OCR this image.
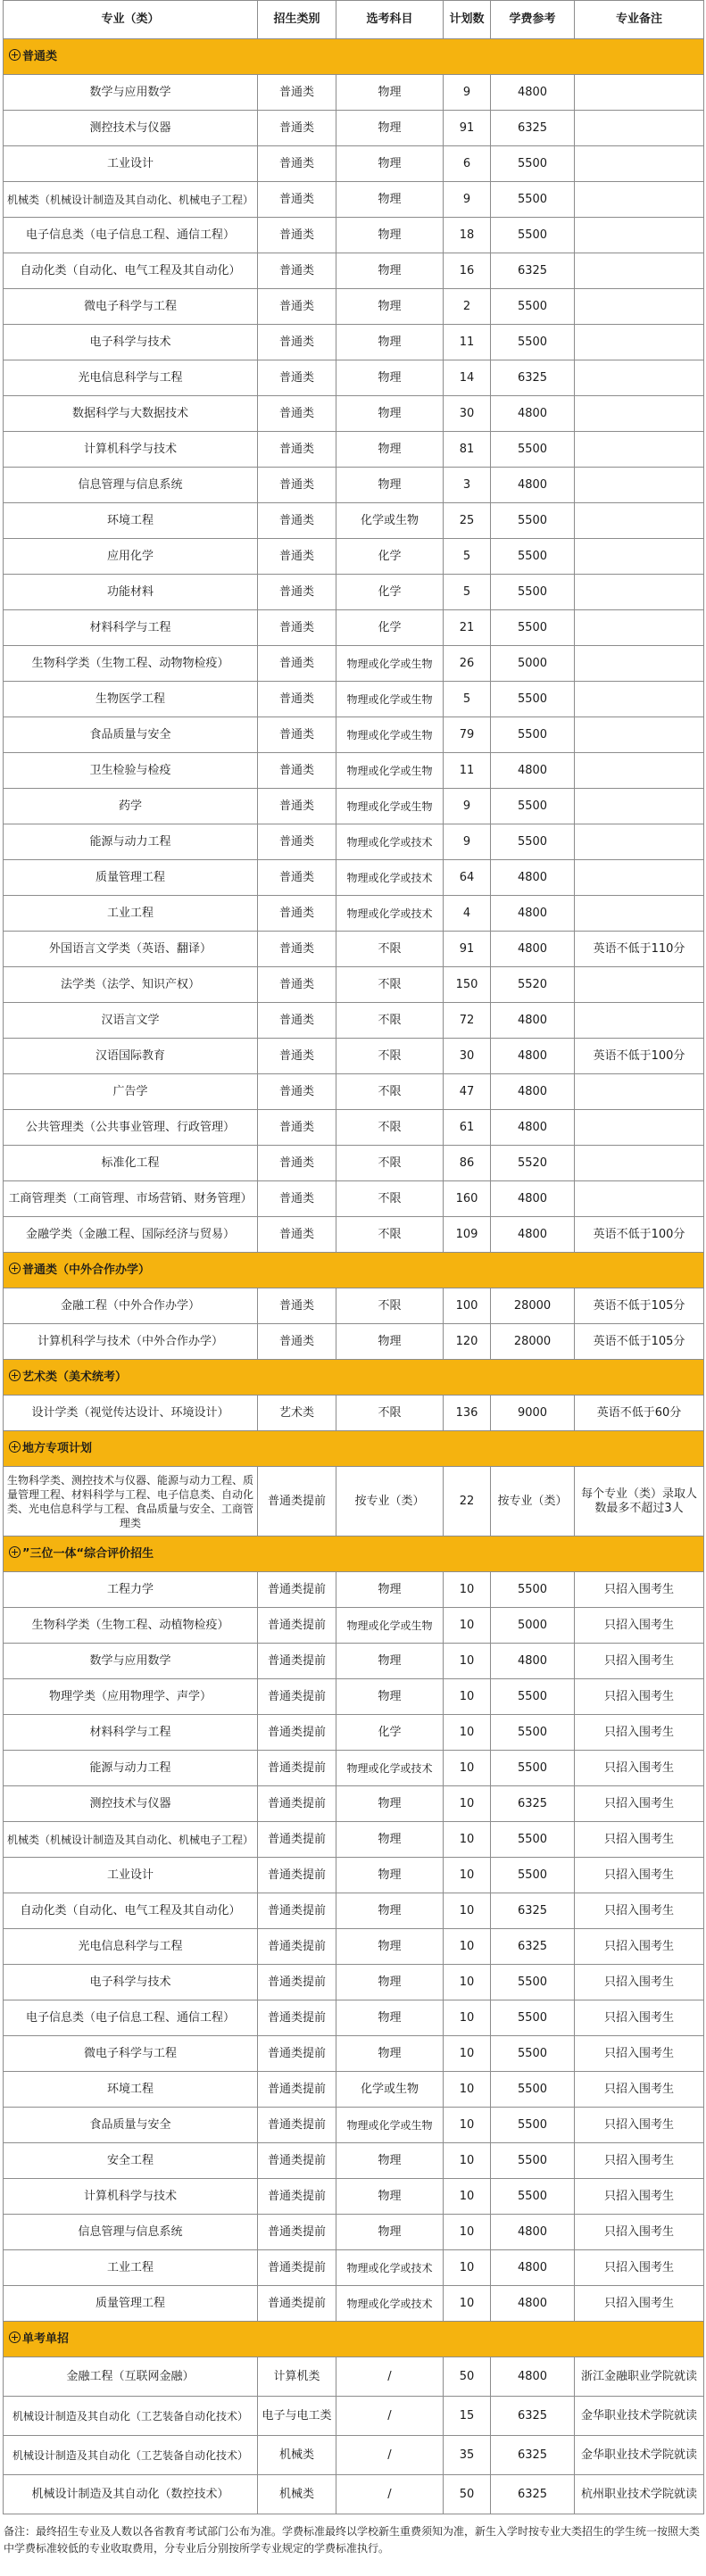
专业（类）	招生类别	选考科目	计划数	学费参考	专业备注
普通类					
数学与应用数学	普通类	物理	9	4800	
测控技术与仪器	普通类	物理	91	6325	
工业设计	普通类	物理	6	5500	
机械类（机械设计制造及其自动化、机械电子工程）	普通类	物理	9	5500	
电子信息类（电子信息工程、通信工程）	普通类	物理	18	5500	
自动化类（自动化、电气工程及其自动化）	普通类	物理	16	6325	
微电子科学与工程	普通类	物理	2	5500	
电子科学与技术	普通类	物理	11	5500	
光电信息科学与工程	普通类	物理	14	6325	
数据科学与大数据技术	普通类	物理	30	4800	
计算机科学与技术	普通类	物理	81	5500	
信息管理与信息系统	普通类	物理	3	4800	
环境工程	普通类	化学或生物	25	5500	
应用化学	普通类	化学	5	5500	
功能材料	普通类	化学	5	5500	
材料科学与工程	普通类	化学	21	5500	
生物科学类（生物工程、动物物检疫）	普通类	物理或化学或生物	26	5000	
生物医学工程	普通类	物理或化学或生物	5	5500	
食品质量与安全	普通类	物理或化学或生物	79	5500	
卫生检验与检疫	普通类	物理或化学或生物	11	4800	
药学	普通类	物理或化学或生物	9	5500	
能源与动力工程	普通类	物理或化学或技术	9	5500	
质量管理工程	普通类	物理或化学或技术	64	4800	
工业工程	普通类	物理或化学或技术	4	4800	
外国语言文学类（英语、翻译）	普通类	不限	91	4800	英语不低于110分
法学类（法学、知识产权）	普通类	不限	150	5520	
汉语言文学	普通类	不限	72	4800	
汉语国际教育	普通类	不限	30	4800	英语不低于100分
广告学	普通类	不限	47	4800	
公共管理类（公共事业管理、行政管理）	普通类	不限	61	4800	
标准化工程	普通类	不限	86	5520	
工商管理类（工商管理、市场营销、财务管理）	普通类	不限	160	4800	
金融学类（金融工程、国际经济与贸易）	普通类	不限	109	4800	英语不低于100分
普通类（中外合作办学）					
金融工程（中外合作办学）	普通类	不限	100	28000	英语不低于105分
计算机科学与技术（中外合作办学）	普通类	物理	120	28000	英语不低于105分
艺术类（美术统考）					
设计学类（视觉传达设计、环境设计）	艺术类	不限	136	9000	英语不低于60分
地方专项计划					
生物科学类、测控技术与仪器、能源与动力工程、质量管理工程、材料科学与工程、电子信息类、自动化类、光电信息科学与工程、食品质量与安全、工商管理类	普通类提前	按专业（类）	22	按专业（类）	每个专业（类）录取人数最多不超过3人
”三位一体“综合评价招生					
工程力学	普通类提前	物理	10	5500	只招入围考生
生物科学类（生物工程、动植物检疫）	普通类提前	物理或化学或生物	10	5000	只招入围考生
数学与应用数学	普通类提前	物理	10	4800	只招入围考生
物理学类（应用物理学、声学）	普通类提前	物理	10	5500	只招入围考生
材料科学与工程	普通类提前	化学	10	5500	只招入围考生
能源与动力工程	普通类提前	物理或化学或技术	10	5500	只招入围考生
测控技术与仪器	普通类提前	物理	10	6325	只招入围考生
机械类（机械设计制造及其自动化、机械电子工程）	普通类提前	物理	10	5500	只招入围考生
工业设计	普通类提前	物理	10	5500	只招入围考生
自动化类（自动化、电气工程及其自动化）	普通类提前	物理	10	6325	只招入围考生
光电信息科学与工程	普通类提前	物理	10	6325	只招入围考生
电子科学与技术	普通类提前	物理	10	5500	只招入围考生
电子信息类（电子信息工程、通信工程）	普通类提前	物理	10	5500	只招入围考生
微电子科学与工程	普通类提前	物理	10	5500	只招入围考生
环境工程	普通类提前	化学或生物	10	5500	只招入围考生
食品质量与安全	普通类提前	物理或化学或生物	10	5500	只招入围考生
安全工程	普通类提前	物理	10	5500	只招入围考生
计算机科学与技术	普通类提前	物理	10	5500	只招入围考生
信息管理与信息系统	普通类提前	物理	10	4800	只招入围考生
工业工程	普通类提前	物理或化学或技术	10	4800	只招入围考生
质量管理工程	普通类提前	物理或化学或技术	10	4800	只招入围考生
单考单招					
金融工程（互联网金融）	计算机类	/	50	4800	浙江金融职业学院就读
机械设计制造及其自动化（工艺装备自动化技术）	电子与电工类	/	15	6325	金华职业技术学院就读
机械设计制造及其自动化（工艺装备自动化技术）	机械类	/	35	6325	金华职业技术学院就读
机械设计制造及其自动化（数控技术）	机械类	/	50	6325	杭州职业技术学院就读
备注：最终招生专业及人数以各省教育考试部门公布为准。学费标准最终以学校新生重费须知为准，新生入学时按专业大类招生的学生统一按照大类中学费标准较低的专业收取费用，分专业后分别按所学专业规定的学费标准执行。
